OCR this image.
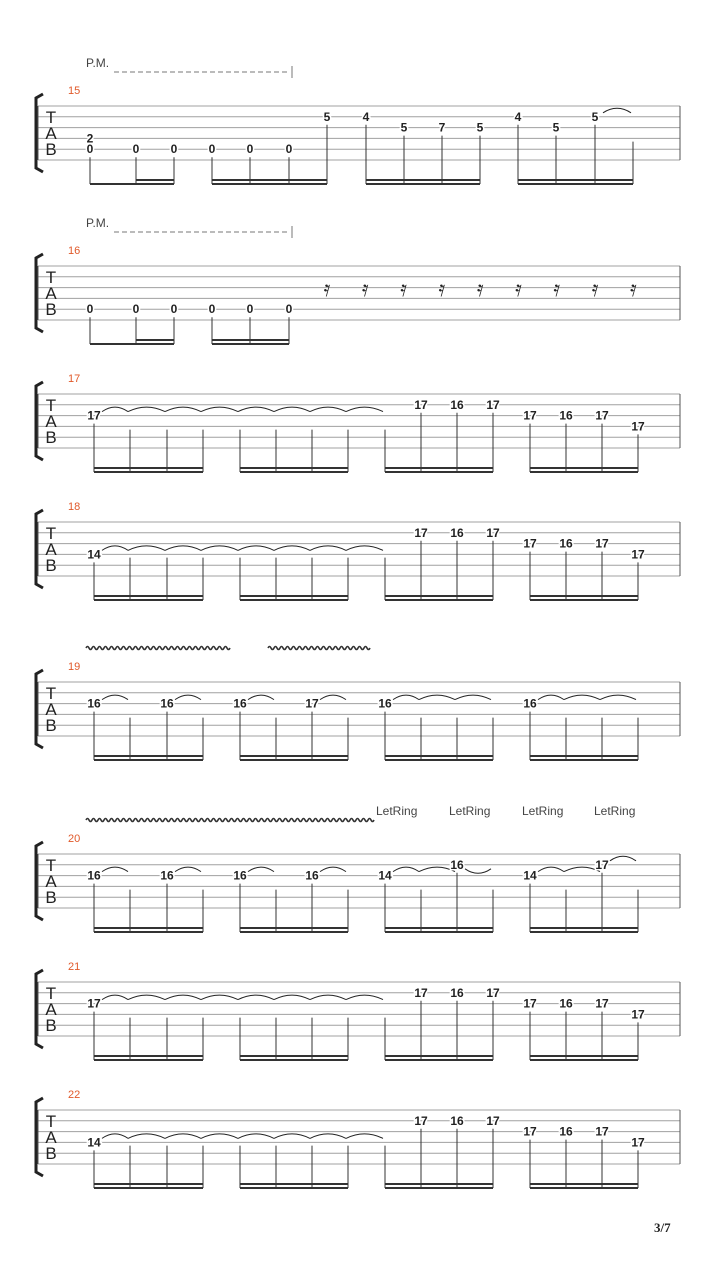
T
A
B
15
P.M.
2
0	0	0	0	0	0
5	4
5	7	5
4
5
5
T
A
B
16
P.M.
0	0	0	0	0	0
𝄿 𝄿 𝄿 𝄿 𝄿 𝄿 𝄿 𝄿 𝄿
T
A
B
17
17
17 16 17
17 16 17
17
T
A
B
18
14
17 16 17
17 16 17
17
T
A
B
19
16	16	16	17	16	16
T
A
B
20
LetRing	LetRing	LetRing	LetRing
16	16	16	16	14
16
14
17
T
A
B
21
17
17 16 17
17 16 17
17
T
A
B
22
14
17 16 17
17 16 17
17
3/7
